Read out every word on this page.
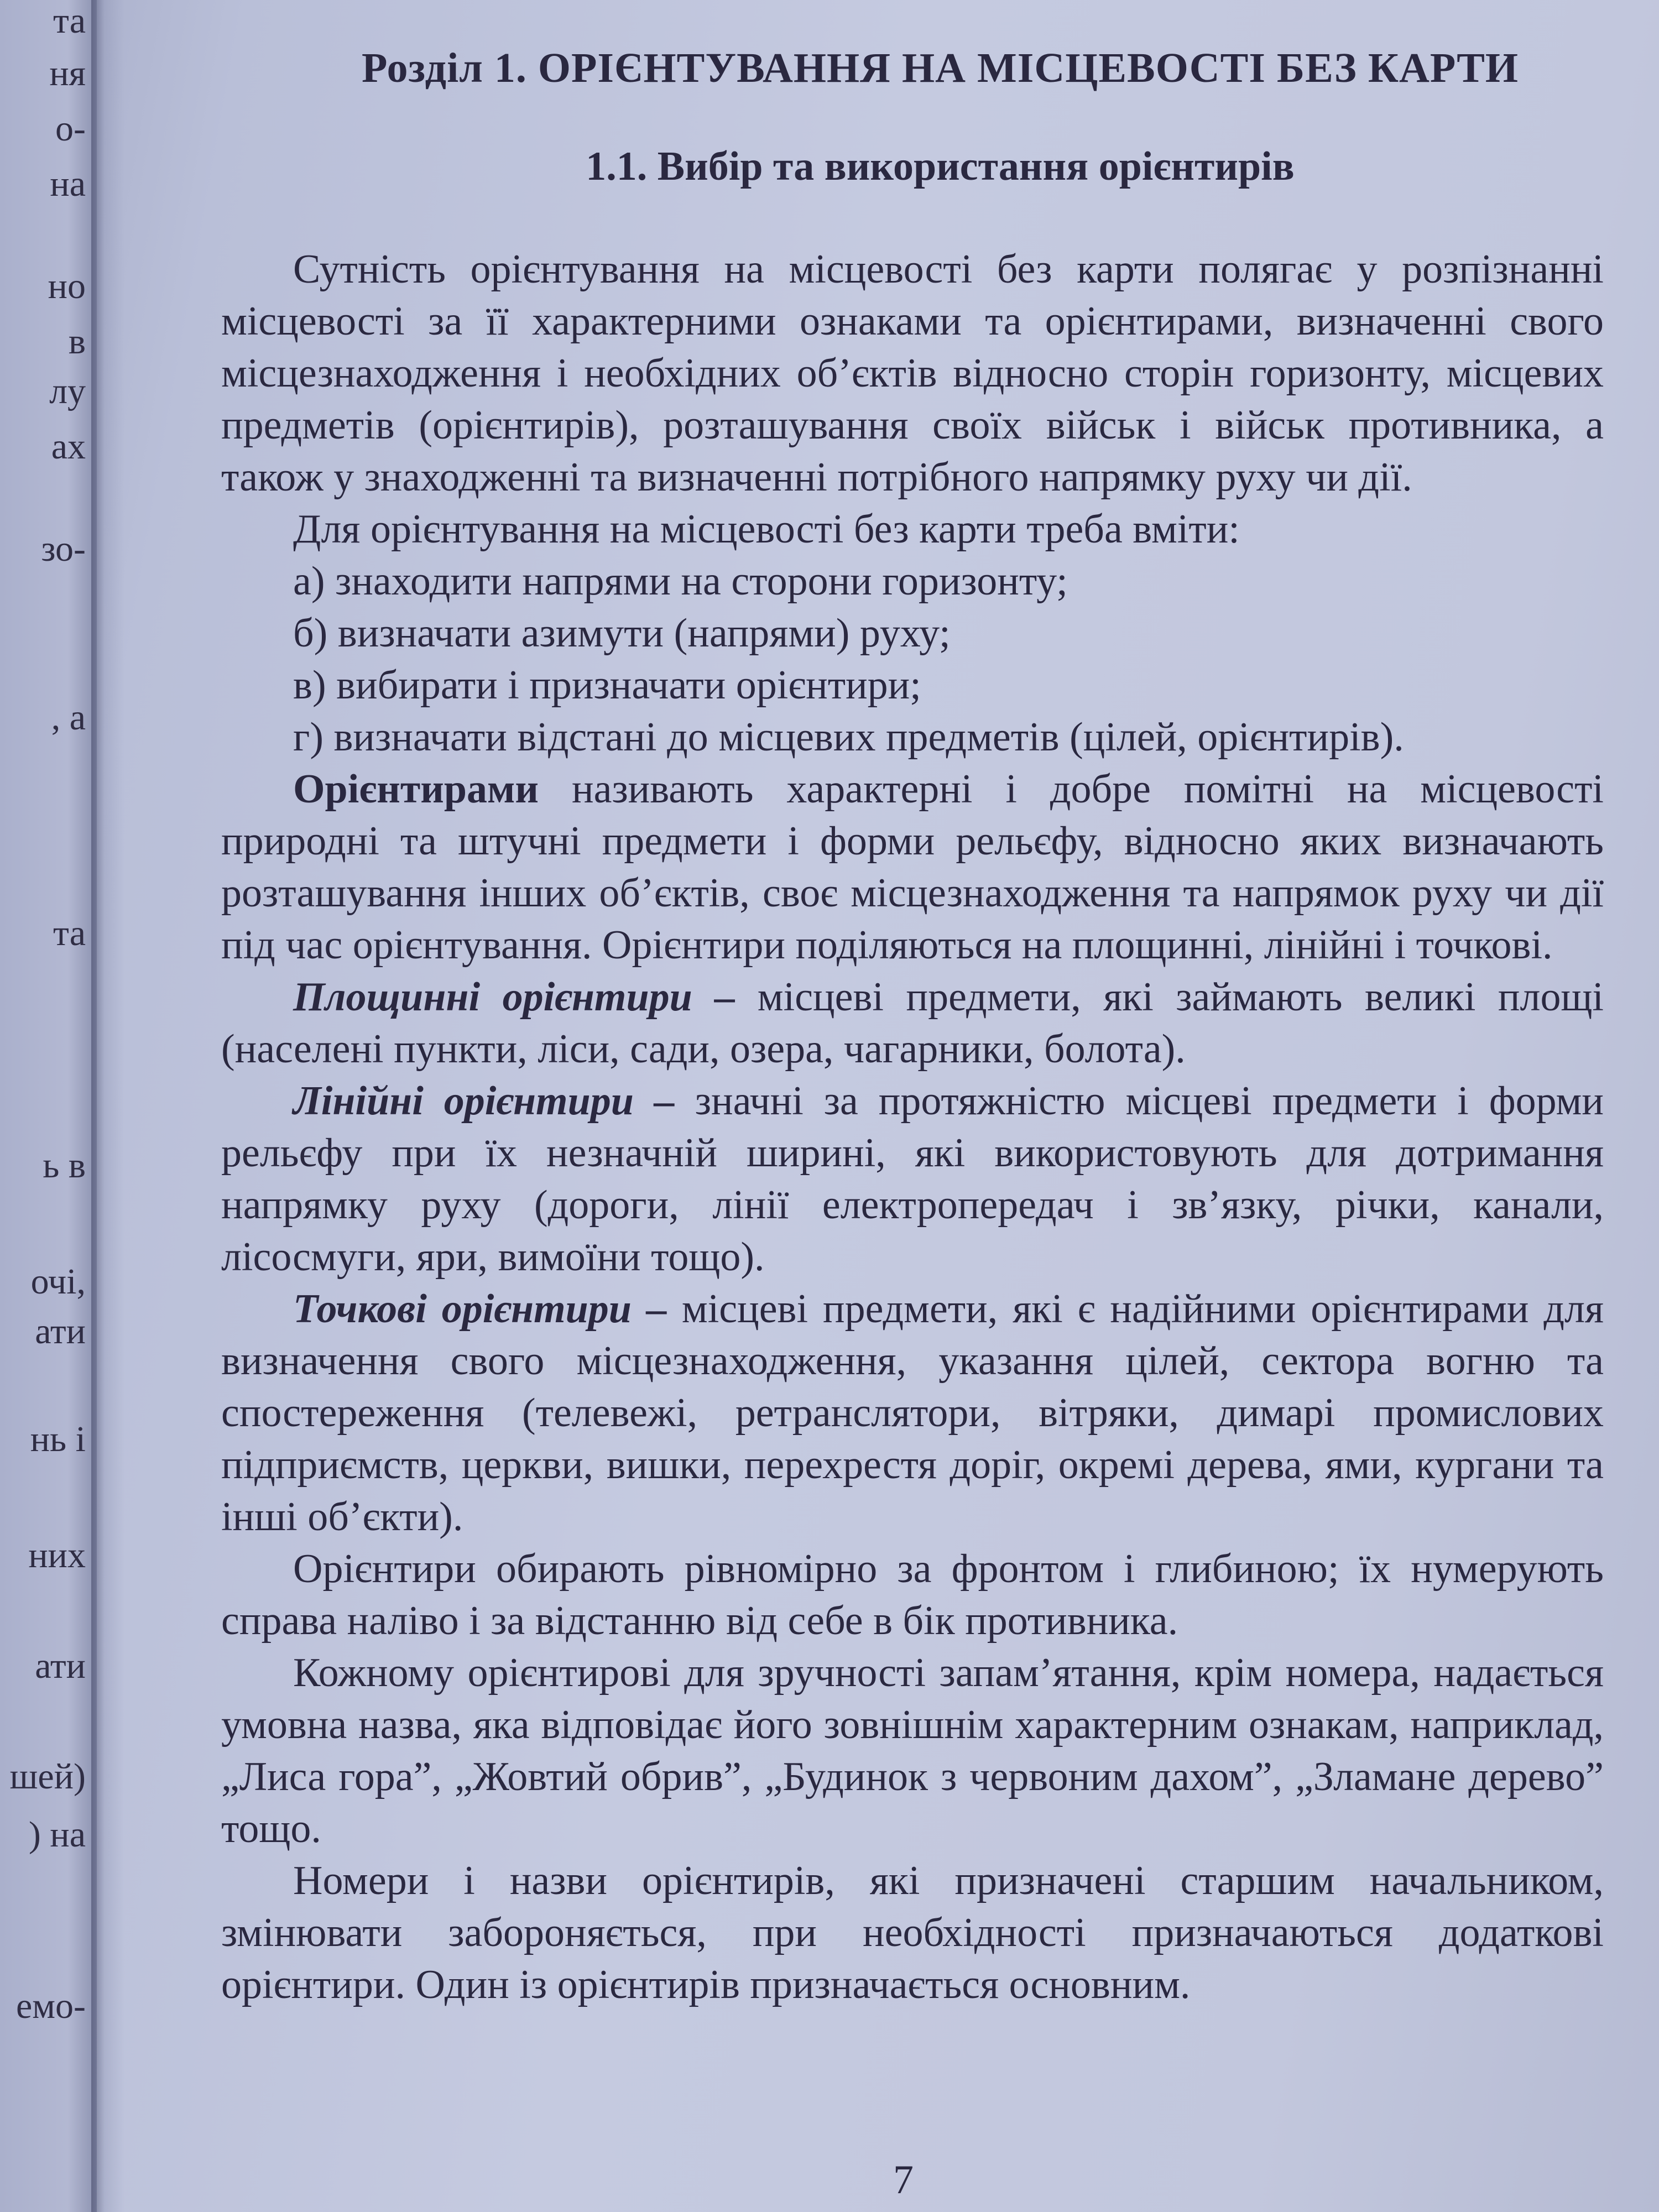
та
ня
о-
на
но
в
лу
ах
зо-
, а
та
ь в
очі,
ати
нь і
них
ати
шей)
) на
емо-
Розділ 1. ОРІЄНТУВАННЯ НА МІСЦЕВОСТІ БЕЗ КАРТИ
1.1. Вибір та використання орієнтирів

Сутність орієнтування на місцевості без карти полягає у розпізнанні місцевості за її характерними ознаками та орієнтирами, визначенні свого місцезнаходження і необхідних об’єктів відносно сторін горизонту, місцевих предметів (орієнтирів), розташування своїх військ і військ противника, а також у знаходженні та визначенні потрібного напрямку руху чи дії.

Для орієнтування на місцевості без карти треба вміти:

а) знаходити напрями на сторони горизонту;
б) визначати азимути (напрями) руху;
в) вибирати і призначати орієнтири;
г) визначати відстані до місцевих предметів (цілей, орієнтирів).

Орієнтирами називають характерні і добре помітні на місцевості природні та штучні предмети і форми рельєфу, відносно яких визначають розташування інших об’єктів, своє місцезнаходження та напрямок руху чи дії під час орієнтування. Орієнтири поділяються на площинні, лінійні і точкові.

Площинні орієнтири – місцеві предмети, які займають великі площі (населені пункти, ліси, сади, озера, чагарники, болота).

Лінійні орієнтири – значні за протяжністю місцеві предмети і форми рельєфу при їх незначній ширині, які використовують для дотримання напрямку руху (дороги, лінії електропередач і зв’язку, річки, канали, лісосмуги, яри, вимоїни тощо).

Точкові орієнтири – місцеві предмети, які є надійними орієнтирами для визначення свого місцезнаходження, указання цілей, сектора вогню та спостереження (телевежі, ретранслятори, вітряки, димарі промислових підприємств, церкви, вишки, перехрестя доріг, окремі дерева, ями, кургани та інші об’єкти).

Орієнтири обирають рівномірно за фронтом і глибиною; їх нумерують справа наліво і за відстанню від себе в бік противника.

Кожному орієнтирові для зручності запам’ятання, крім номера, надається умовна назва, яка відповідає його зовнішнім характерним ознакам, наприклад, „Лиса гора”, „Жовтий обрив”, „Будинок з червоним дахом”, „Зламане дерево” тощо.

Номери і назви орієнтирів, які призначені старшим начальником, змінювати забороняється, при необхідності призначаються додаткові орієнтири. Один із орієнтирів призначається основним.

7
